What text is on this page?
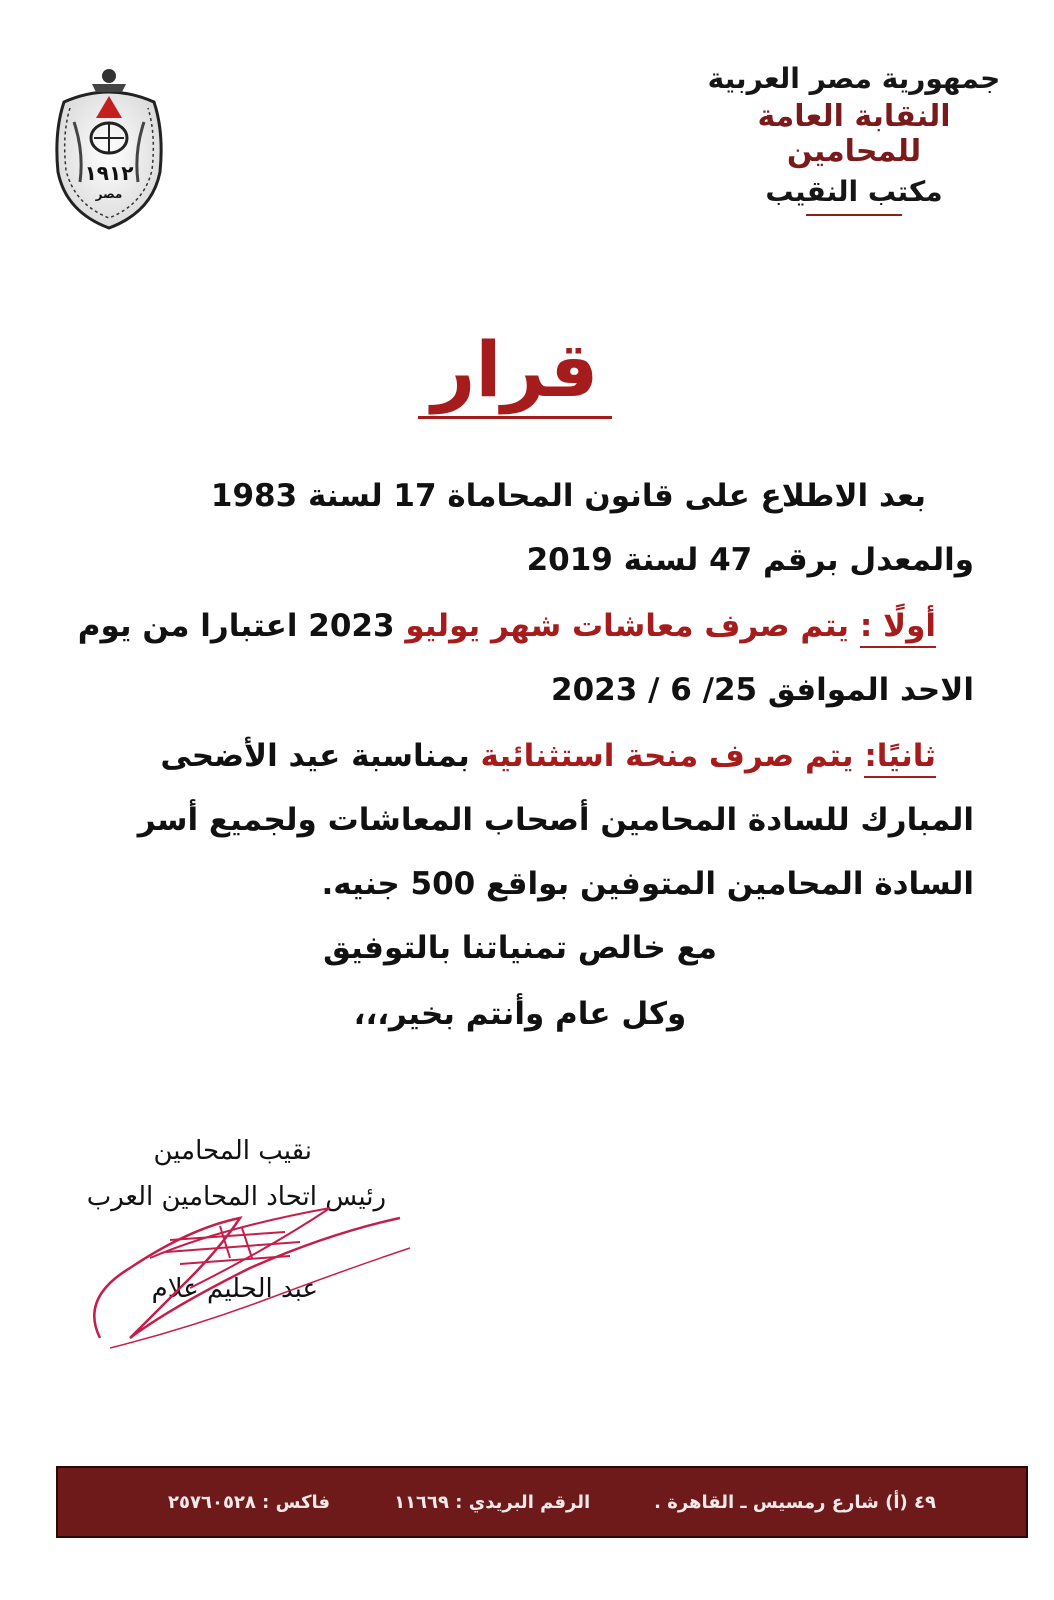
جمهورية مصر العربية
النقابة العامة للمحامين
مكتب النقيب
١٩١٢
مصر
قرار
بعد الاطلاع على قانون المحاماة 17 لسنة 1983
والمعدل برقم 47 لسنة 2019
أولًا : يتم صرف معاشات شهر يوليو 2023 اعتبارا من يوم
الاحد الموافق 25/ 6 / 2023
ثانيًا: يتم صرف منحة استثنائية بمناسبة عيد الأضحى
المبارك للسادة المحامين أصحاب المعاشات ولجميع أسر
السادة المحامين المتوفين بواقع 500 جنيه.
مع خالص تمنياتنا بالتوفيق
وكل عام وأنتم بخير،،،
نقيب المحامين
رئيس اتحاد المحامين العرب
عبد الحليم علام
٤٩ (أ) شارع رمسيس ـ القاهرة .
الرقم البريدي : ١١٦٦٩
فاكس : ٢٥٧٦٠٥٢٨
